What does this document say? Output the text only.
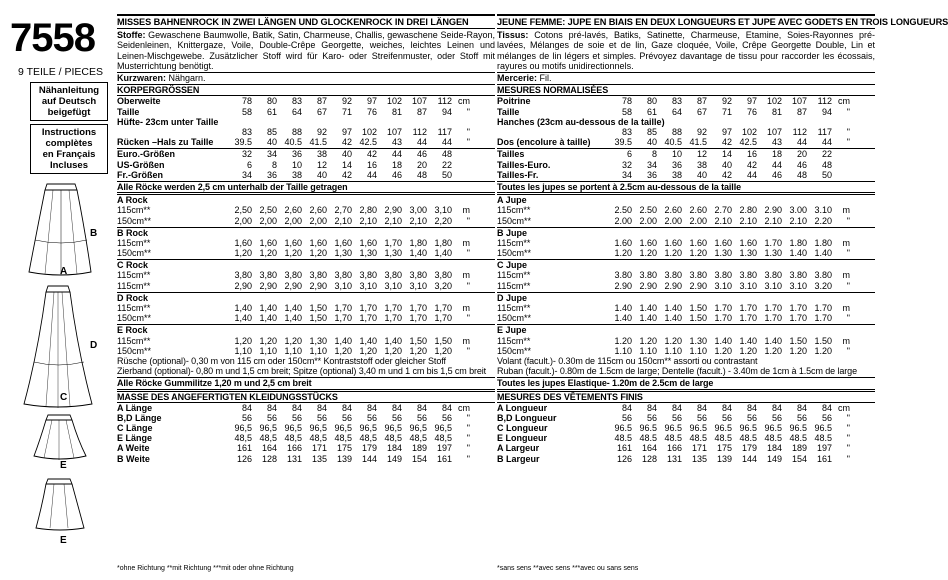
7558
9 TEILE / PIECES
Nähanleitung
auf Deutsch
beigefügt
Instructions
complètes
en Français
Incluses
B
A
D
C
E
E
MISSES BAHNENROCK IN ZWEI LÄNGEN UND GLOCKENROCK IN DREI LÄNGEN
Stoffe: Gewaschene Baumwolle, Batik, Satin, Charmeuse, Challis, gewaschene Seide-Rayon, Seidenleinen, Knittergaze, Voile, Double-Crêpe Georgette, weiches, leichtes Leinen und Leinen-Mischgewebe. Zusätzlicher Stoff wird für Karo- oder Streifenmuster, oder Stoff mit Musterrichtung benötigt.
Kurzwaren: Nähgarn.
KORPERGRÖSSEN
Oberweite	78	80	83	87	92	97	102	107	112 cm
Taille	58	61	64	67	71	76	81	87	94	"
Hüfte- 23cm unter Taille
83	85	88	92	97	102	107	112	117	"
Rücken –Hals zu Taille	39.5	40 40.5 41.5	42 42.5	43	44	44	"
Euro.-Größen	32	34	36	38	40	42	44	46	48
US-Größen	6	8	10	12	14	16	18	20	22
Fr.-Größen	34	36	38	40	42	44	46	48	50
Alle Röcke werden 2,5 cm unterhalb der Taille getragen
A Rock
115cm**	2,50 2,50 2,60 2,60 2,70 2,80 2,90 3,00 3,10	m
150cm**	2,00 2,00 2,00 2,00 2,10 2,10 2,10 2,10 2,20	"
B Rock
115cm**	1,60 1,60 1,60 1,60 1,60 1,60 1,70 1,80 1,80	m
150cm**	1,20 1,20 1,20 1,20 1,30 1,30 1,30 1,40 1,40	"
C Rock
115cm**	3,80 3,80 3,80 3,80 3,80 3,80 3,80 3,80 3,80	m
115cm**	2,90 2,90 2,90 2,90 3,10 3,10 3,10 3,10 3,20	"
D Rock
115cm**	1,40 1,40 1,40 1,50 1,70 1,70 1,70 1,70 1,70	m
150cm**	1,40 1,40 1,40 1,50 1,70 1,70 1,70 1,70 1,70	"
E Rock
115cm**	1,20 1,20 1,20 1,30 1,40 1,40 1,40 1,50 1,50	m
150cm**	1,10 1,10 1,10 1,10 1,20 1,20 1,20 1,20 1,20	"
Rüsche (optional)- 0,30 m von 115 cm oder 150cm** Kontraststoff oder gleicher Stoff
Zierband (optional)- 0,80 m und 1,5 cm breit; Spitze (optional) 3,40 m und 1 cm bis 1,5 cm breit
Alle Röcke Gummilitze 1,20 m und 2,5 cm breit
MASSE DES ANGEFERTIGTEN KLEIDUNGSSTÜCKS
A Länge	84	84	84	84	84	84	84	84	84 cm
B,D Länge	56	56	56	56	56	56	56	56	56	"
C Länge	96,5 96,5 96,5 96,5 96,5 96,5 96,5 96,5 96,5	"
E Länge	48,5 48,5 48,5 48,5 48,5 48,5 48,5 48,5 48,5	"
A Weite	161	164	166	171	175	179	184	189	197	"
B Weite	126	128	131	135	139	144	149	154	161	"
JEUNE FEMME: JUPE EN BIAIS EN DEUX LONGUEURS ET JUPE AVEC GODETS EN TROIS LONGUEURS
Tissus: Cotons pré-lavés, Batiks, Satinette, Charmeuse, Etamine, Soies-Rayonnes pré-lavées, Mélanges de soie et de lin, Gaze cloquée, Voile, Crêpe Georgette Double, Lin et mélanges de lin légers et simples. Prévoyez davantage de tissu pour raccorder les écossais, rayures ou motifs unidirectionnels.
Mercerie: Fil.
MESURES NORMALISÉES
Poitrine	78	80	83	87	92	97	102	107	112 cm
Taille	58	61	64	67	71	76	81	87	94	"
Hanches (23cm au-dessous de la taille)
83	85	88	92	97	102	107	112	117	"
Dos (encolure à taille)	39.5	40 40.5 41.5	42 42.5	43	44	44	"
Tailles	6	8	10	12	14	16	18	20	22
Tailles-Euro.	32	34	36	38	40	42	44	46	48
Tailles-Fr.	34	36	38	40	42	44	46	48	50
Toutes les jupes se portent à 2.5cm au-dessous de la taille
A Jupe
115cm**	2.50 2.50 2.60 2.60 2.70 2.80 2.90 3.00 3.10	m
150cm**	2.00 2.00 2.00 2.00 2.10 2.10 2.10 2.10 2.20	"
B Jupe
115cm**	1.60 1.60 1.60 1.60 1.60 1.60 1.70 1.80 1.80	m
150cm**	1.20 1.20 1.20 1.20 1.30 1.30 1.30 1.40 1.40	"
C Jupe
115cm**	3.80 3.80 3.80 3.80 3.80 3.80 3.80 3.80 3.80	m
115cm**	2.90 2.90 2.90 2.90 3.10 3.10 3.10 3.10 3.20	"
D Jupe
115cm**	1.40 1.40 1.40 1.50 1.70 1.70 1.70 1.70 1.70	m
150cm**	1.40 1.40 1.40 1.50 1.70 1.70 1.70 1.70 1.70	"
E Jupe
115cm**	1.20 1.20 1.20 1.30 1.40 1.40 1.40 1.50 1.50	m
150cm**	1.10 1.10 1.10 1.10 1.20 1.20 1.20 1.20 1.20	"
Volant (facult.)- 0.30m de 115cm ou 150cm** assorti ou contrastant
Ruban (facult.)- 0.80m de 1.5cm de large; Dentelle (facult.) - 3.40m de 1cm à 1.5cm de large
Toutes les jupes Elastique- 1.20m de 2.5cm de large
MESURES DES VÊTEMENTS FINIS
A Longueur	84	84	84	84	84	84	84	84	84 cm
B,D Longueur	56	56	56	56	56	56	56	56	56	"
C Longueur	96.5 96.5 96.5 96.5 96.5 96.5 96.5 96.5 96.5	"
E Longueur	48.5 48.5 48.5 48.5 48.5 48.5 48.5 48.5 48.5	"
A Largeur	161	164	166	171	175	179	184	189	197	"
B Largeur	126	128	131	135	139	144	149	154	161	"
*ohne Richtung **mit Richtung ***mit oder ohne Richtung	*sans sens **avec sens ***avec ou sans sens
